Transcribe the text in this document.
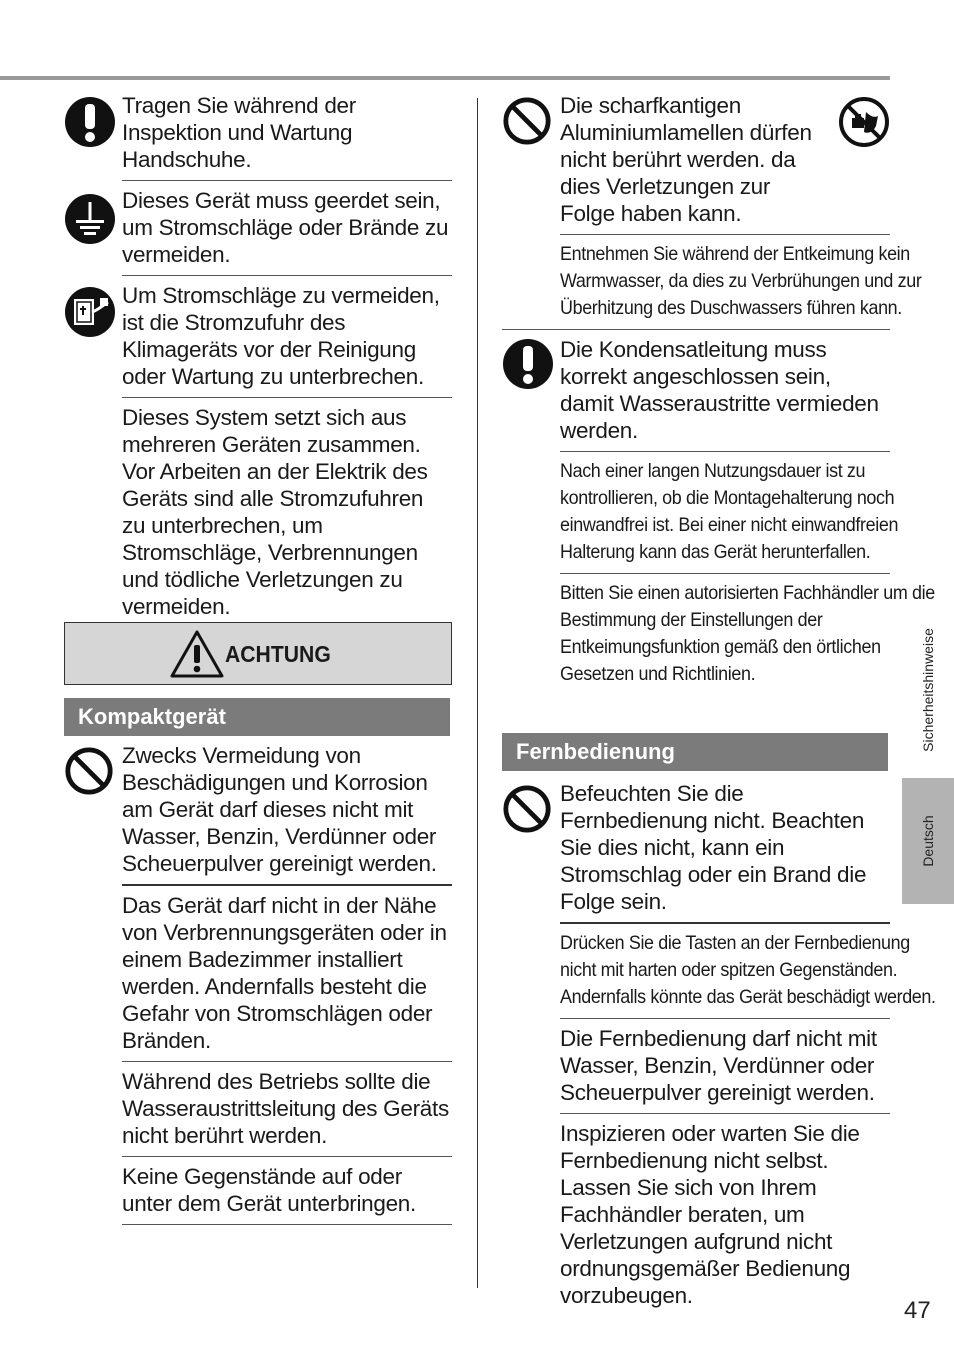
Tragen Sie während der Inspektion und Wartung Handschuhe.
Dieses Gerät muss geerdet sein, um Stromschläge oder Brände zu vermeiden.
Um Stromschläge zu vermeiden, ist die Stromzufuhr des Klimageräts vor der Reinigung oder Wartung zu unterbrechen.
Dieses System setzt sich aus mehreren Geräten zusammen. Vor Arbeiten an der Elektrik des Geräts sind alle Stromzufuhren zu unterbrechen, um Stromschläge, Verbrennungen und tödliche Verletzungen zu vermeiden.
ACHTUNG
Kompaktgerät
Zwecks Vermeidung von Beschädigungen und Korrosion am Gerät darf dieses nicht mit Wasser, Benzin, Verdünner oder Scheuerpulver gereinigt werden.
Das Gerät darf nicht in der Nähe von Verbrennungsgeräten oder in einem Badezimmer installiert werden. Andernfalls besteht die Gefahr von Stromschlägen oder Bränden.
Während des Betriebs sollte die Wasseraustrittsleitung des Geräts nicht berührt werden.
Keine Gegenstände auf oder unter dem Gerät unterbringen.
Die scharfkantigen Aluminiumlamellen dürfen nicht berührt werden. da dies Verletzungen zur Folge haben kann.
Entnehmen Sie während der Entkeimung kein Warmwasser, da dies zu Verbrühungen und zur Überhitzung des Duschwassers führen kann.
Die Kondensatleitung muss korrekt angeschlossen sein, damit Wasseraustritte vermieden werden.
Nach einer langen Nutzungsdauer ist zu kontrollieren, ob die Montagehalterung noch einwandfrei ist. Bei einer nicht einwandfreien Halterung kann das Gerät herunterfallen.
Bitten Sie einen autorisierten Fachhändler um die Bestimmung der Einstellungen der Entkeimungsfunktion gemäß den örtlichen Gesetzen und Richtlinien.
Fernbedienung
Befeuchten Sie die Fernbedienung nicht. Beachten Sie dies nicht, kann ein Stromschlag oder ein Brand die Folge sein.
Drücken Sie die Tasten an der Fernbedienung nicht mit harten oder spitzen Gegenständen. Andernfalls könnte das Gerät beschädigt werden.
Die Fernbedienung darf nicht mit Wasser, Benzin, Verdünner oder Scheuerpulver gereinigt werden.
Inspizieren oder warten Sie die Fernbedienung nicht selbst. Lassen Sie sich von Ihrem Fachhändler beraten, um Verletzungen aufgrund nicht ordnungsgemäßer Bedienung vorzubeugen.
Sicherheitshinweise
Deutsch
47
